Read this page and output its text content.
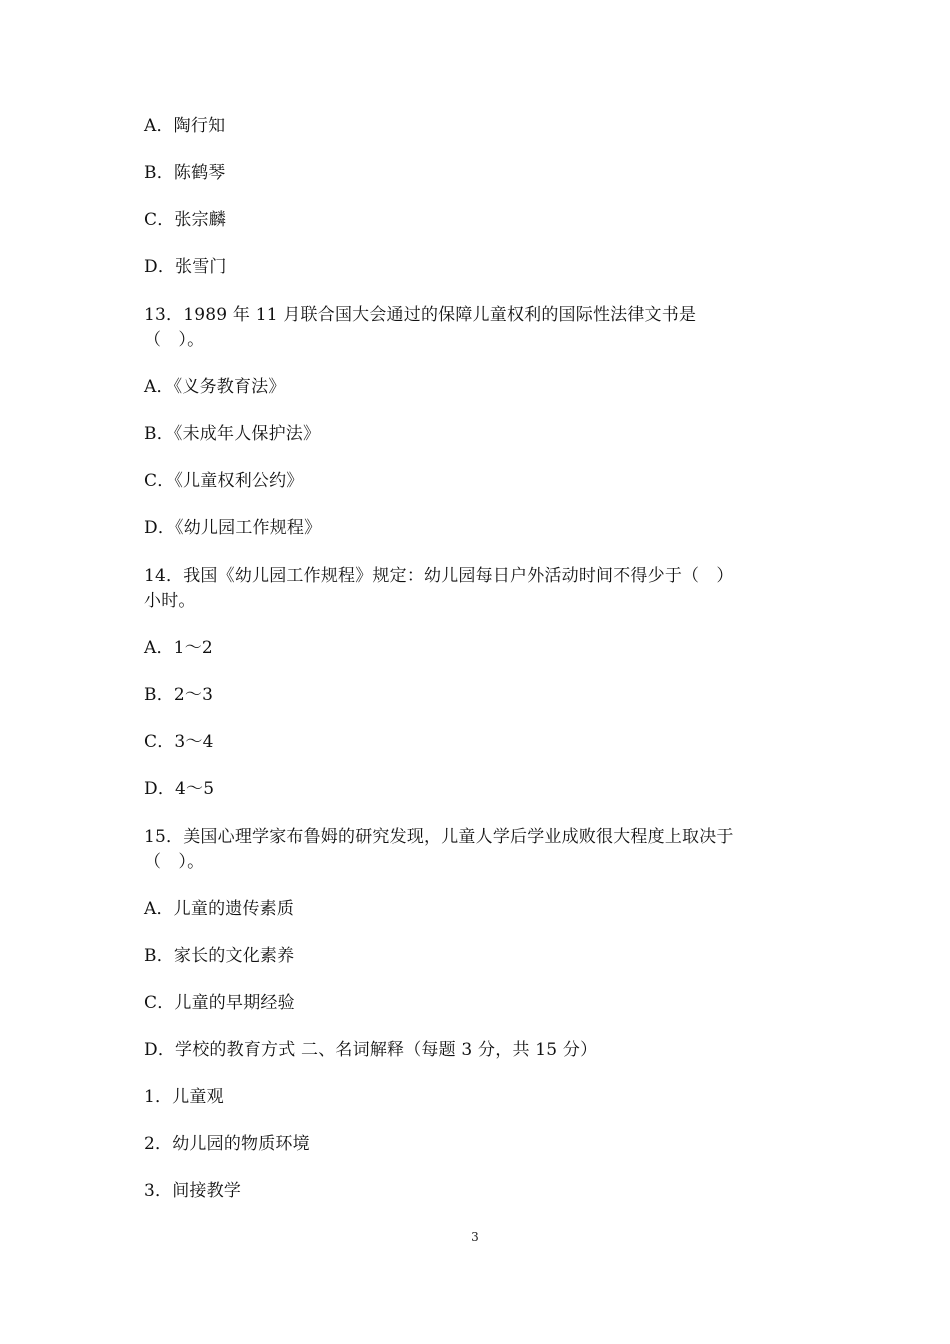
A．陶行知
B．陈鹤琴
C．张宗麟
D．张雪门
13．1989 年 11 月联合国大会通过的保障儿童权利的国际性法律文书是
（　）。
A．《义务教育法》
B．《未成年人保护法》
C．《儿童权利公约》
D．《幼儿园工作规程》
14．我国《幼儿园工作规程》规定：幼儿园每日户外活动时间不得少于（　）
小时。
A．1～2
B．2～3
C．3～4
D．4～5
15．美国心理学家布鲁姆的研究发现，儿童人学后学业成败很大程度上取决于
（　）。
A．儿童的遗传素质
B．家长的文化素养
C．儿童的早期经验
D．学校的教育方式 二、名词解释（每题 3 分，共 15 分）
1．儿童观
2．幼儿园的物质环境
3．间接教学
3
